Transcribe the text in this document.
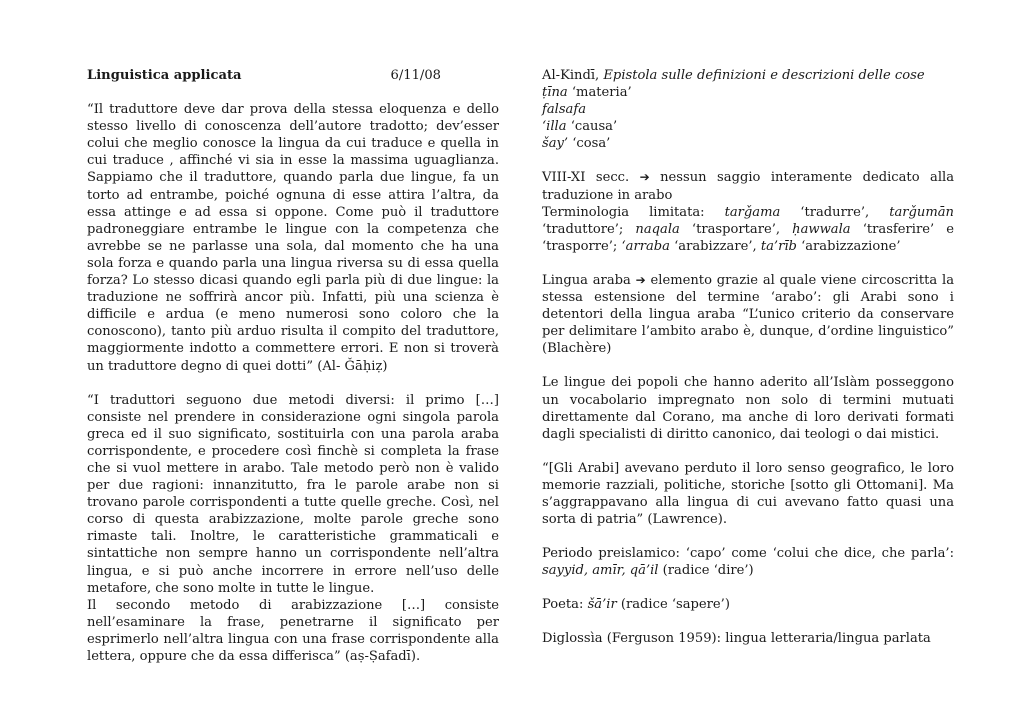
Linguistica applicata	6/11/08

“Il traduttore deve dar prova della stessa eloquenza e dello stesso livello di conoscenza dell’autore tradotto; dev’esser colui che meglio conosce la lingua da cui traduce e quella in cui traduce , affinché vi sia in esse la massima uguaglianza. Sappiamo che il traduttore, quando parla due lingue, fa un torto ad entrambe, poiché ognuna di esse attira l’altra, da essa attinge e ad essa si oppone. Come può il traduttore padroneggiare entrambe le lingue con la competenza che avrebbe se ne parlasse una sola, dal momento che ha una sola forza e quando parla una lingua riversa su di essa quella forza? Lo stesso dicasi quando egli parla più di due lingue: la traduzione ne soffrirà ancor più. Infatti, più una scienza è difficile e ardua (e meno numerosi sono coloro che la conoscono), tanto più arduo risulta il compito del traduttore, maggiormente indotto a commettere errori. E non si troverà un traduttore degno di quei dotti” (Al- Ǧāḥiẓ)

“I traduttori seguono due metodi diversi: il primo […] consiste nel prendere in considerazione ogni singola parola greca ed il suo significato, sostituirla con una parola araba corrispondente, e procedere così finchè si completa la frase che si vuol mettere in arabo. Tale metodo però non è valido per due ragioni: innanzitutto, fra le parole arabe non si trovano parole corrispondenti a tutte quelle greche. Così, nel corso di questa arabizzazione, molte parole greche sono rimaste tali. Inoltre, le caratteristiche grammaticali e sintattiche non sempre hanno un corrispondente nell’altra lingua, e si può anche incorrere in errore nell’uso delle metafore, che sono molte in tutte le lingue.

Il secondo metodo di arabizzazione […] consiste nell’esaminare la frase, penetrarne il significato per esprimerlo nell’altra lingua con una frase corrispondente alla lettera, oppure che da essa differisca” (aṣ-Ṣafadī).

Al-Kindī, Epistola sulle definizioni e descrizioni delle cose

ṭīna ‘materia’

falsafa

‘illa ‘causa’

šay’ ‘cosa’

VIII-XI secc. ➔ nessun saggio interamente dedicato alla traduzione in arabo

Terminologia limitata: tarǧama ‘tradurre’, tarǧumān ‘traduttore’; naqala ‘trasportare’, ḥawwala ‘trasferire’ e ‘trasporre’; ‘arraba ‘arabizzare’, ta’rīb ‘arabizzazione’

Lingua araba ➔ elemento grazie al quale viene circoscritta la stessa estensione del termine ‘arabo’: gli Arabi sono i detentori della lingua araba “L’unico criterio da conservare per delimitare l’ambito arabo è, dunque, d’ordine linguistico” (Blachère)

Le lingue dei popoli che hanno aderito all’Islàm posseggono un vocabolario impregnato non solo di termini mutuati direttamente dal Corano, ma anche di loro derivati formati dagli specialisti di diritto canonico, dai teologi o dai mistici.

“[Gli Arabi] avevano perduto il loro senso geografico, le loro memorie razziali, politiche, storiche [sotto gli Ottomani]. Ma s’aggrappavano alla lingua di cui avevano fatto quasi una sorta di patria” (Lawrence).

Periodo preislamico: ‘capo’ come ‘colui che dice, che parla’: sayyid, amīr, qā’il (radice ‘dire’)

Poeta: šā’ir (radice ‘sapere’)

Diglossìa (Ferguson 1959): lingua letteraria/lingua parlata
